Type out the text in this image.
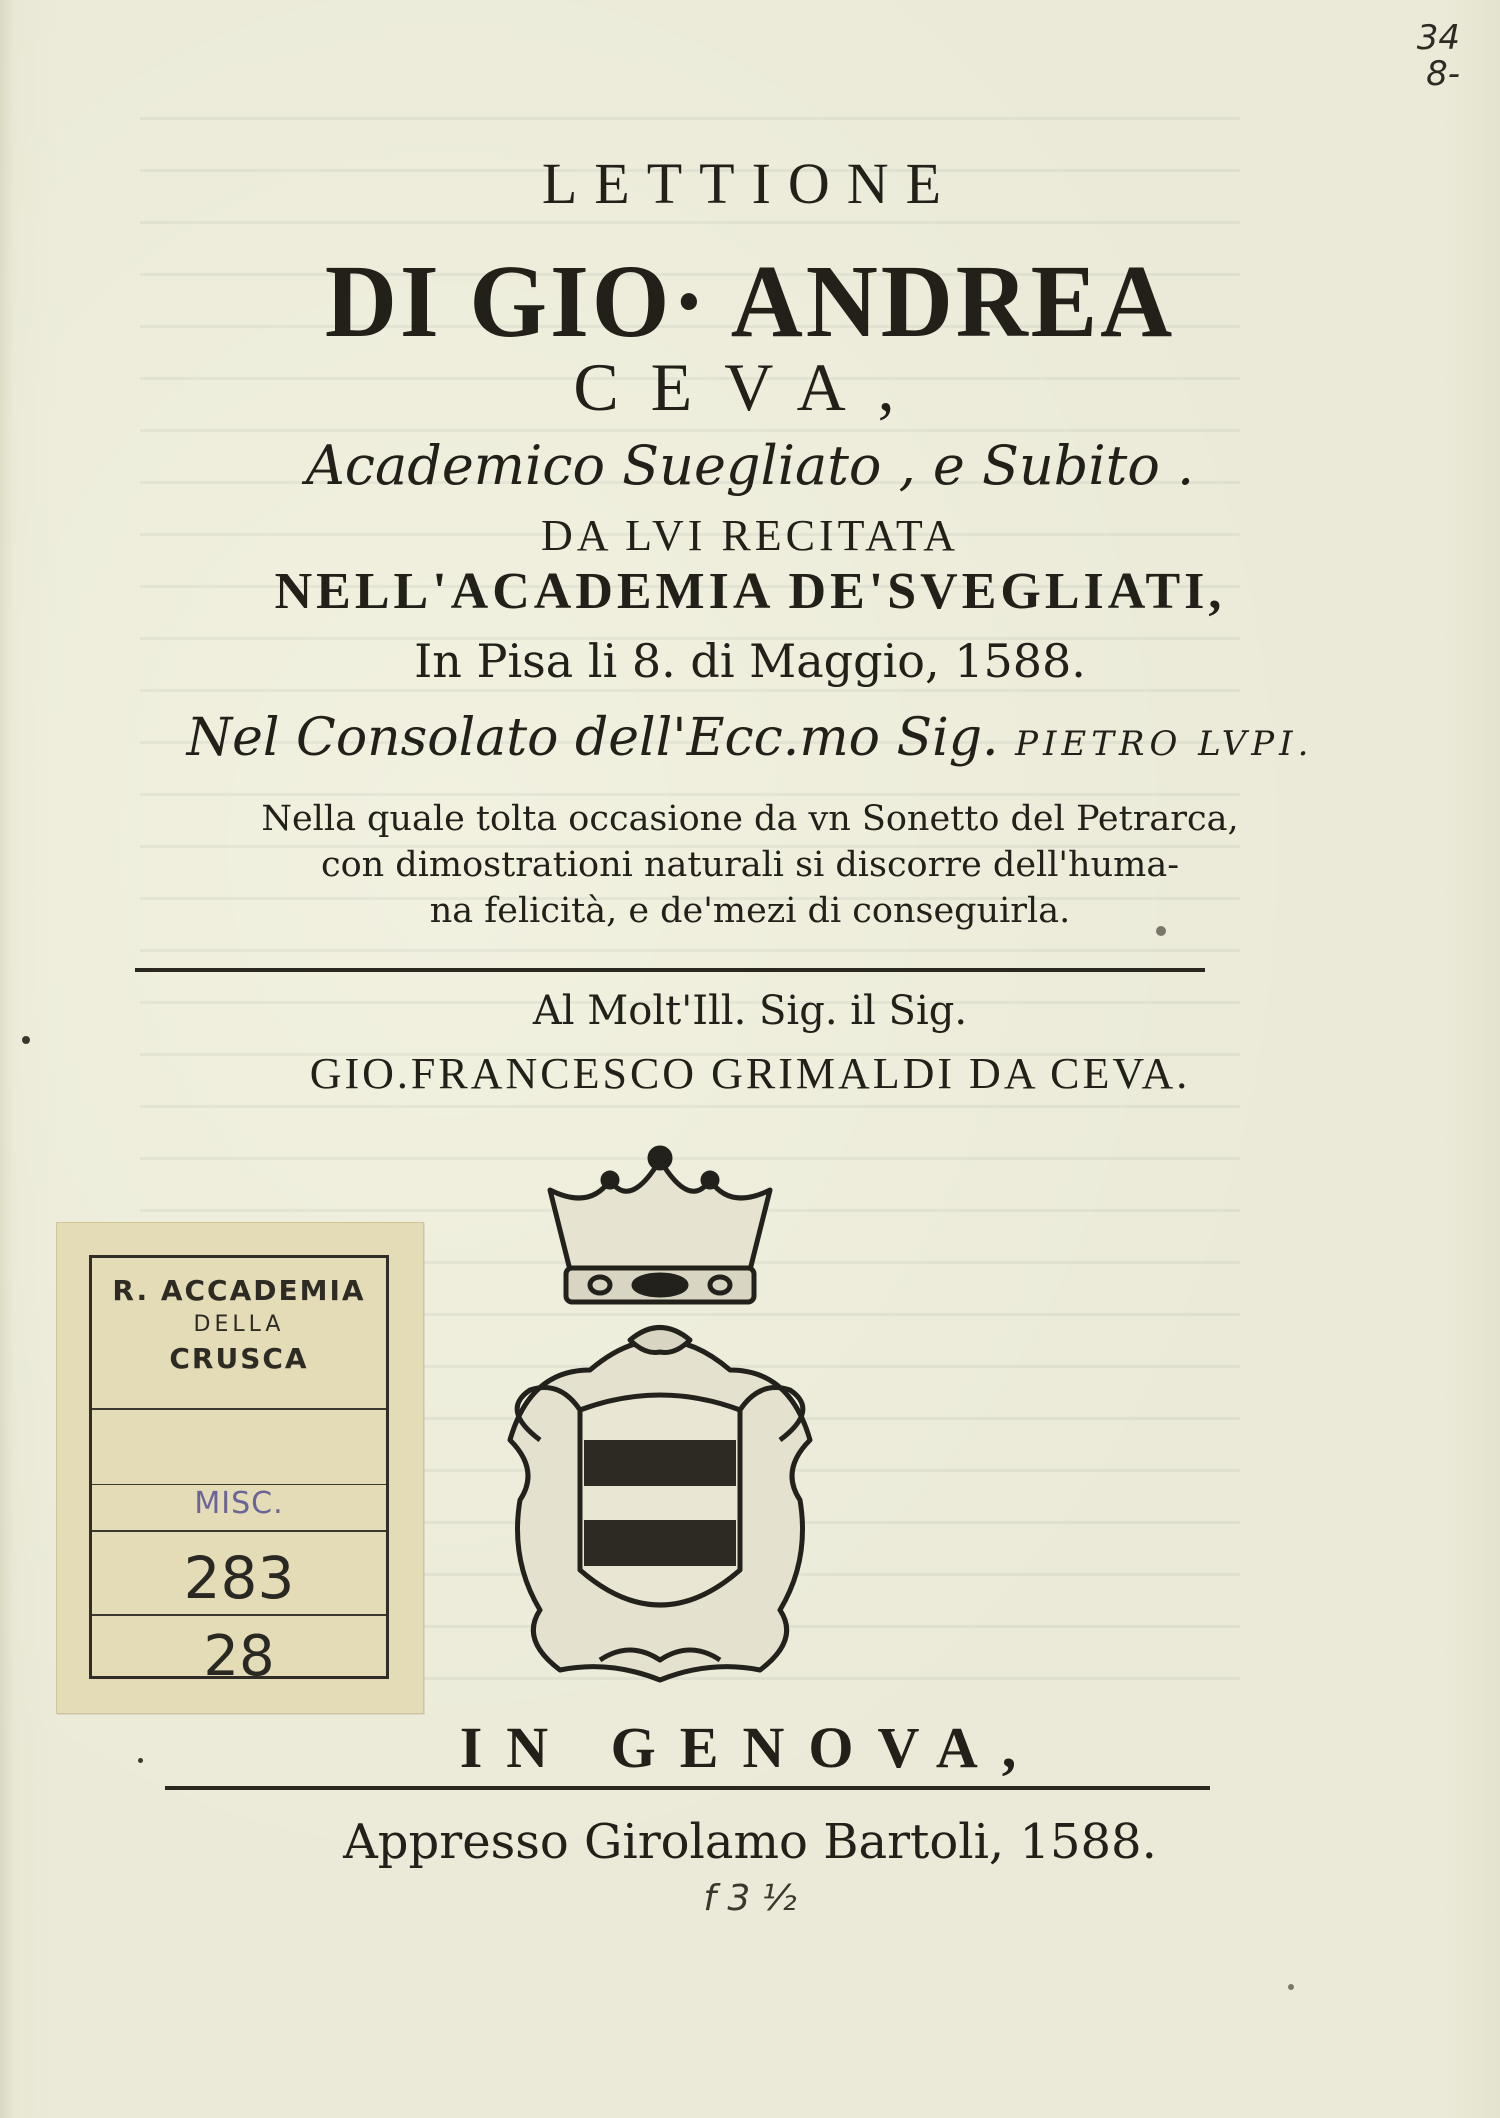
34
8-
LETTIONE
DI GIO· ANDREA
CEVA,
Academico Suegliato , e Subito .
DA LVI RECITATA
NELL'ACADEMIA DE'SVEGLIATI,
In Pisa li 8. di Maggio, 1588.
Nel Consolato dell'Ecc.mo Sig. PIETRO LVPI.
Nella quale tolta occasione da vn Sonetto del Petrarca,
con dimostrationi naturali si discorre dell'huma-
na felicità, e de'mezi di conseguirla.
Al Molt'Ill. Sig. il Sig.
GIO.FRANCESCO GRIMALDI DA CEVA.
R. ACCADEMIA
DELLA
CRUSCA
MISC.
283
28
IN GENOVA,
Appresso Girolamo Bartoli, 1588.
f 3 ½
